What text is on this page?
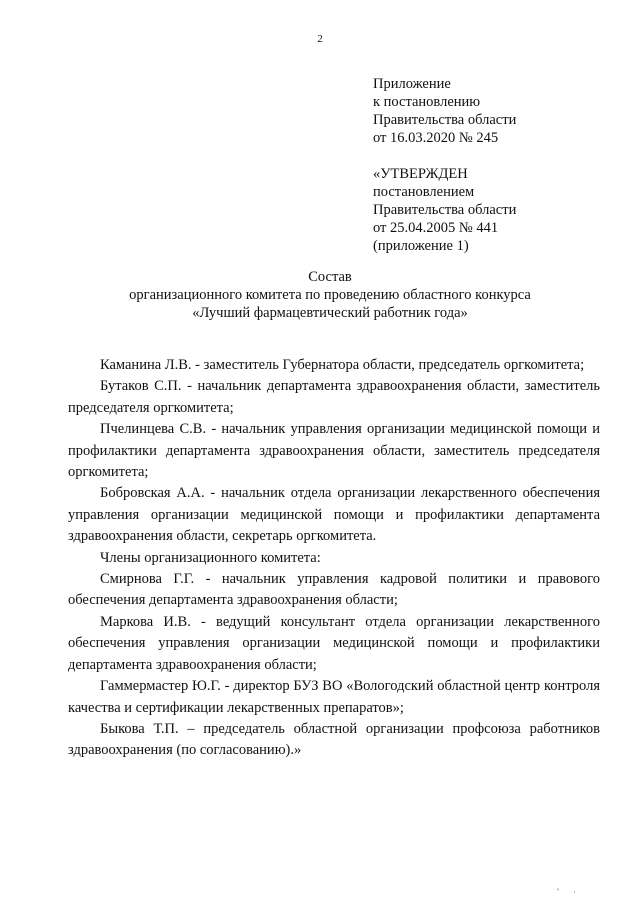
2
Приложение
к постановлению
Правительства области
от 16.03.2020 № 245
«УТВЕРЖДЕН
постановлением
Правительства области
от 25.04.2005 № 441
(приложение 1)
Состав
организационного комитета по проведению областного конкурса
«Лучший фармацевтический работник года»

Каманина Л.В. - заместитель Губернатора области, председатель оргкомитета;

Бутаков С.П. - начальник департамента здравоохранения области, заместитель председателя оргкомитета;

Пчелинцева С.В. - начальник управления организации медицинской помощи и профилактики департамента здравоохранения области, заместитель председателя оргкомитета;

Бобровская А.А. - начальник отдела организации лекарственного обеспечения управления организации медицинской помощи и профилактики департамента здравоохранения области, секретарь оргкомитета.

Члены организационного комитета:

Смирнова Г.Г. - начальник управления кадровой политики и правового обеспечения департамента здравоохранения области;

Маркова И.В. - ведущий консультант отдела организации лекарственного обеспечения управления организации медицинской помощи и профилактики департамента здравоохранения области;

Гаммермастер Ю.Г. - директор БУЗ ВО «Вологодский областной центр контроля качества и сертификации лекарственных препаратов»;

Быкова Т.П. – председатель областной организации профсоюза работников здравоохранения (по согласованию).»

' ·
